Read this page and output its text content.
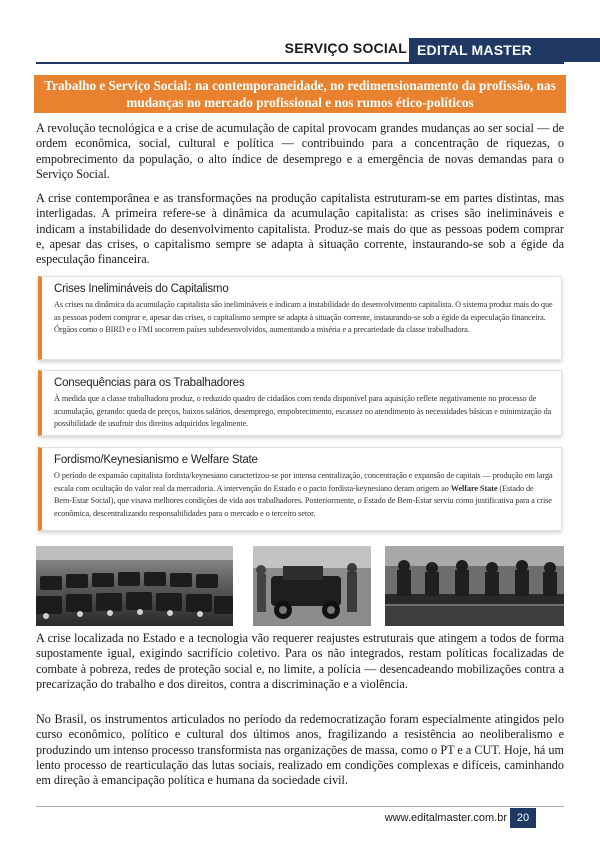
SERVIÇO SOCIAL EDITAL MASTER
Trabalho e Serviço Social: na contemporaneidade, no redimensionamento da profissão, nas mudanças no mercado profissional e nos rumos ético-políticos

A revolução tecnológica e a crise de acumulação de capital provocam grandes mudanças ao ser social — de ordem econômica, social, cultural e política — contribuindo para a concentração de riquezas, o empobrecimento da população, o alto índice de desemprego e a emergência de novas demandas para o Serviço Social.

A crise contemporânea e as transformações na produção capitalista estruturam-se em partes distintas, mas interligadas. A primeira refere-se à dinâmica da acumulação capitalista: as crises são ineliminávеis e indicam a instabilidade do desenvolvimento capitalista. Produz-se mais do que as pessoas podem comprar e, apesar das crises, o capitalismo sempre se adapta à situação corrente, instaurando-se sob a égide da especulação financeira.

Crises Inelimináveis do Capitalismo

As crises na dinâmica da acumulação capitalista são inelimináveis e indicam a instabilidade do desenvolvimento capitalista. O sistema produz mais do que as pessoas podem comprar e, apesar das crises, o capitalismo sempre se adapta à situação corrente, instaurando-se sob a égide da especulação financeira. Órgãos como o BIRD e o FMI socorrem países subdesenvolvidos, aumentando a miséria e a precariedade da classe trabalhadora.

Consequências para os Trabalhadores

À medida que a classe trabalhadora produz, o reduzido quadro de cidadãos com renda disponível para aquisição reflete negativamente no processo de acumulação, gerando: queda de preços, baixos salários, desemprego, empobrecimento, escassez no atendimento às necessidades básicas e minimização da possibilidade de usufruir dos direitos adquiridos legalmente.

Fordismo/Keynesianismo e Welfare State

O período de expansão capitalista fordista/keynesiano caracterizou-se por intensa centralização, concentração e expansão de capitais — produção em larga escala com ocultação do valor real da mercadoria. A intervenção do Estado e o pacto fordista-keynesiano deram origem ao Welfare State (Estado de Bem-Estar Social), que visava melhores condições de vida aos trabalhadores. Posteriormente, o Estado de Bem-Estar serviu como justificativa para a crise econômica, descentralizando responsabilidades para o mercado e o terceiro setor.

A crise localizada no Estado e a tecnologia vão requerer reajustes estruturais que atingem a todos de forma supostamente igual, exigindo sacrifício coletivo. Para os não integrados, restam políticas focalizadas de combate à pobreza, redes de proteção social e, no limite, a polícia — desencadeando mobilizações contra a precarização do trabalho e dos direitos, contra a discriminação e a violência.

No Brasil, os instrumentos articulados no período da redemocratização foram especialmente atingidos pelo curso econômico, político e cultural dos últimos anos, fragilizando a resistência ao neoliberalismo e produzindo um intenso processo transformista nas organizações de massa, como o PT e a CUT. Hoje, há um lento processo de rearticulação das lutas sociais, realizado em condições complexas e difíceis, caminhando em direção à emancipação política e humana da sociedade civil.

www.editalmaster.com.br 20
